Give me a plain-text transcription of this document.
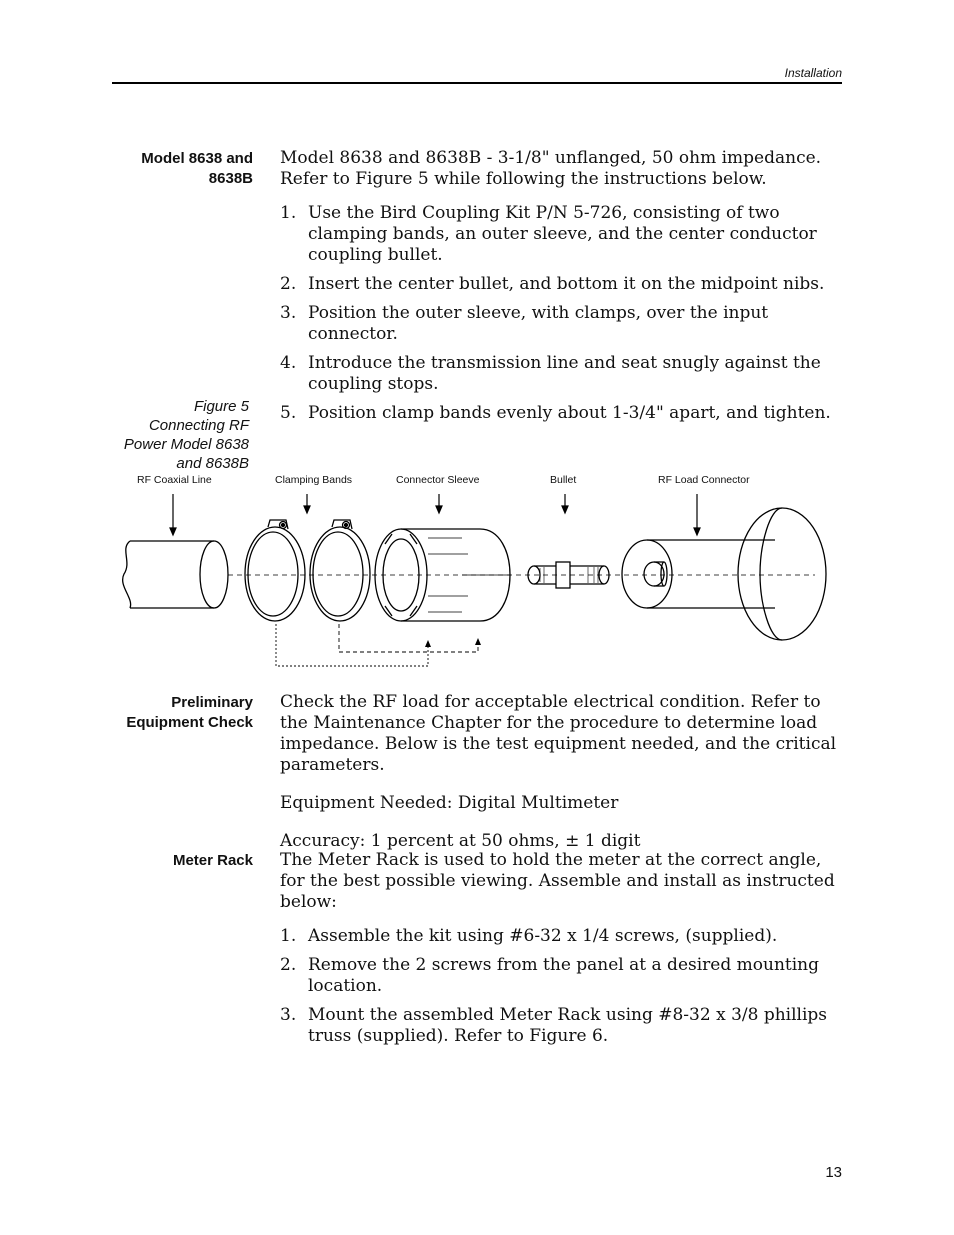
Installation
Model 8638 and
8638B

Model 8638 and 8638B - 3-1/8" unflanged, 50 ohm impedance. Refer to Figure 5 while following the instructions below.

1. Use the Bird Coupling Kit P/N 5-726, consisting of two clamping bands, an outer sleeve, and the center conductor coupling bullet.
2. Insert the center bullet, and bottom it on the midpoint nibs.
3. Position the outer sleeve, with clamps, over the input connector.
4. Introduce the transmission line and seat snugly against the coupling stops.
5. Position clamp bands evenly about 1-3/4" apart, and tighten.
Figure 5
Connecting RF
Power Model 8638
and 8638B
RF Coaxial Line	Clamping Bands	Connector Sleeve	Bullet	RF Load Connector
Preliminary
Equipment Check

Check the RF load for acceptable electrical condition. Refer to the Maintenance Chapter for the procedure to determine load impedance. Below is the test equipment needed, and the critical parameters.

Equipment Needed: Digital Multimeter

Accuracy: 1 percent at 50 ohms, ± 1 digit

Meter Rack The Meter Rack is used to hold the meter at the correct angle, for the best possible viewing. Assemble and install as instructed below:

1. Assemble the kit using #6-32 x 1/4 screws, (supplied).
2. Remove the 2 screws from the panel at a desired mounting location.
3. Mount the assembled Meter Rack using #8-32 x 3/8 phillips truss (supplied). Refer to Figure 6.
13
